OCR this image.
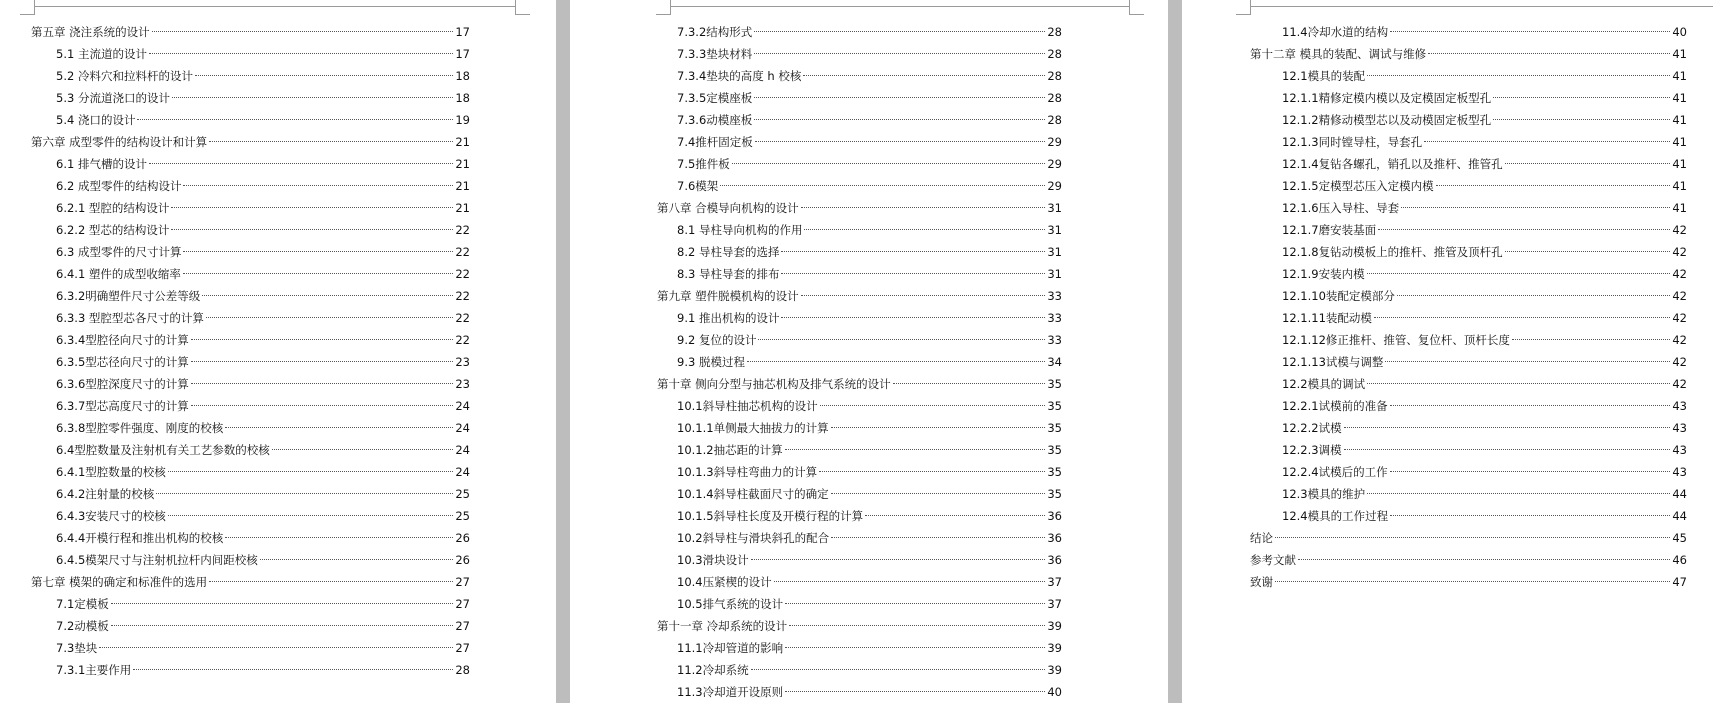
第五章 浇注系统的设计	17
5.1 主流道的设计	17
5.2 冷料穴和拉料杆的设计	18
5.3 分流道浇口的设计	18
5.4 浇口的设计	19
第六章 成型零件的结构设计和计算	21
6.1 排气槽的设计	21
6.2 成型零件的结构设计	21
6.2.1 型腔的结构设计	21
6.2.2 型芯的结构设计	22
6.3 成型零件的尺寸计算	22
6.4.1 塑件的成型收缩率	22
6.3.2明确塑件尺寸公差等级	22
6.3.3 型腔型芯各尺寸的计算	22
6.3.4型腔径向尺寸的计算	22
6.3.5型芯径向尺寸的计算	23
6.3.6型腔深度尺寸的计算	23
6.3.7型芯高度尺寸的计算	24
6.3.8型腔零件强度、刚度的校核	24
6.4型腔数量及注射机有关工艺参数的校核	24
6.4.1型腔数量的校核	24
6.4.2注射量的校核	25
6.4.3安装尺寸的校核	25
6.4.4开模行程和推出机构的校核	26
6.4.5模架尺寸与注射机拉杆内间距校核	26
第七章 模架的确定和标准件的选用	27
7.1定模板	27
7.2动模板	27
7.3垫块	27
7.3.1主要作用	28
7.3.2结构形式	28
7.3.3垫块材料	28
7.3.4垫块的高度 h 校核	28
7.3.5定模座板	28
7.3.6动模座板	28
7.4推杆固定板	29
7.5推件板	29
7.6模架	29
第八章 合模导向机构的设计	31
8.1 导柱导向机构的作用	31
8.2 导柱导套的选择	31
8.3 导柱导套的排布	31
第九章 塑件脱模机构的设计	33
9.1 推出机构的设计	33
9.2 复位的设计	33
9.3 脱模过程	34
第十章 侧向分型与抽芯机构及排气系统的设计	35
10.1斜导柱抽芯机构的设计	35
10.1.1单侧最大抽拔力的计算	35
10.1.2抽芯距的计算	35
10.1.3斜导柱弯曲力的计算	35
10.1.4斜导柱截面尺寸的确定	35
10.1.5斜导柱长度及开模行程的计算	36
10.2斜导柱与滑块斜孔的配合	36
10.3滑块设计	36
10.4压紧楔的设计	37
10.5排气系统的设计	37
第十一章 冷却系统的设计	39
11.1冷却管道的影响	39
11.2冷却系统	39
11.3冷却道开设原则	40
11.4冷却水道的结构	40
第十二章 模具的装配、调试与维修	41
12.1模具的装配	41
12.1.1精修定模内模以及定模固定板型孔	41
12.1.2精修动模型芯以及动模固定板型孔	41
12.1.3同时镗导柱，导套孔	41
12.1.4复钻各螺孔，销孔以及推杆、推管孔	41
12.1.5定模型芯压入定模内模	41
12.1.6压入导柱、导套	41
12.1.7磨安装基面	42
12.1.8复钻动模板上的推杆、推管及顶杆孔	42
12.1.9安装内模	42
12.1.10装配定模部分	42
12.1.11装配动模	42
12.1.12修正推杆、推管、复位杆、顶杆长度	42
12.1.13试模与调整	42
12.2模具的调试	42
12.2.1试模前的准备	43
12.2.2试模	43
12.2.3调模	43
12.2.4试模后的工作	43
12.3模具的维护	44
12.4模具的工作过程	44
结论	45
参考文献	46
致谢	47
